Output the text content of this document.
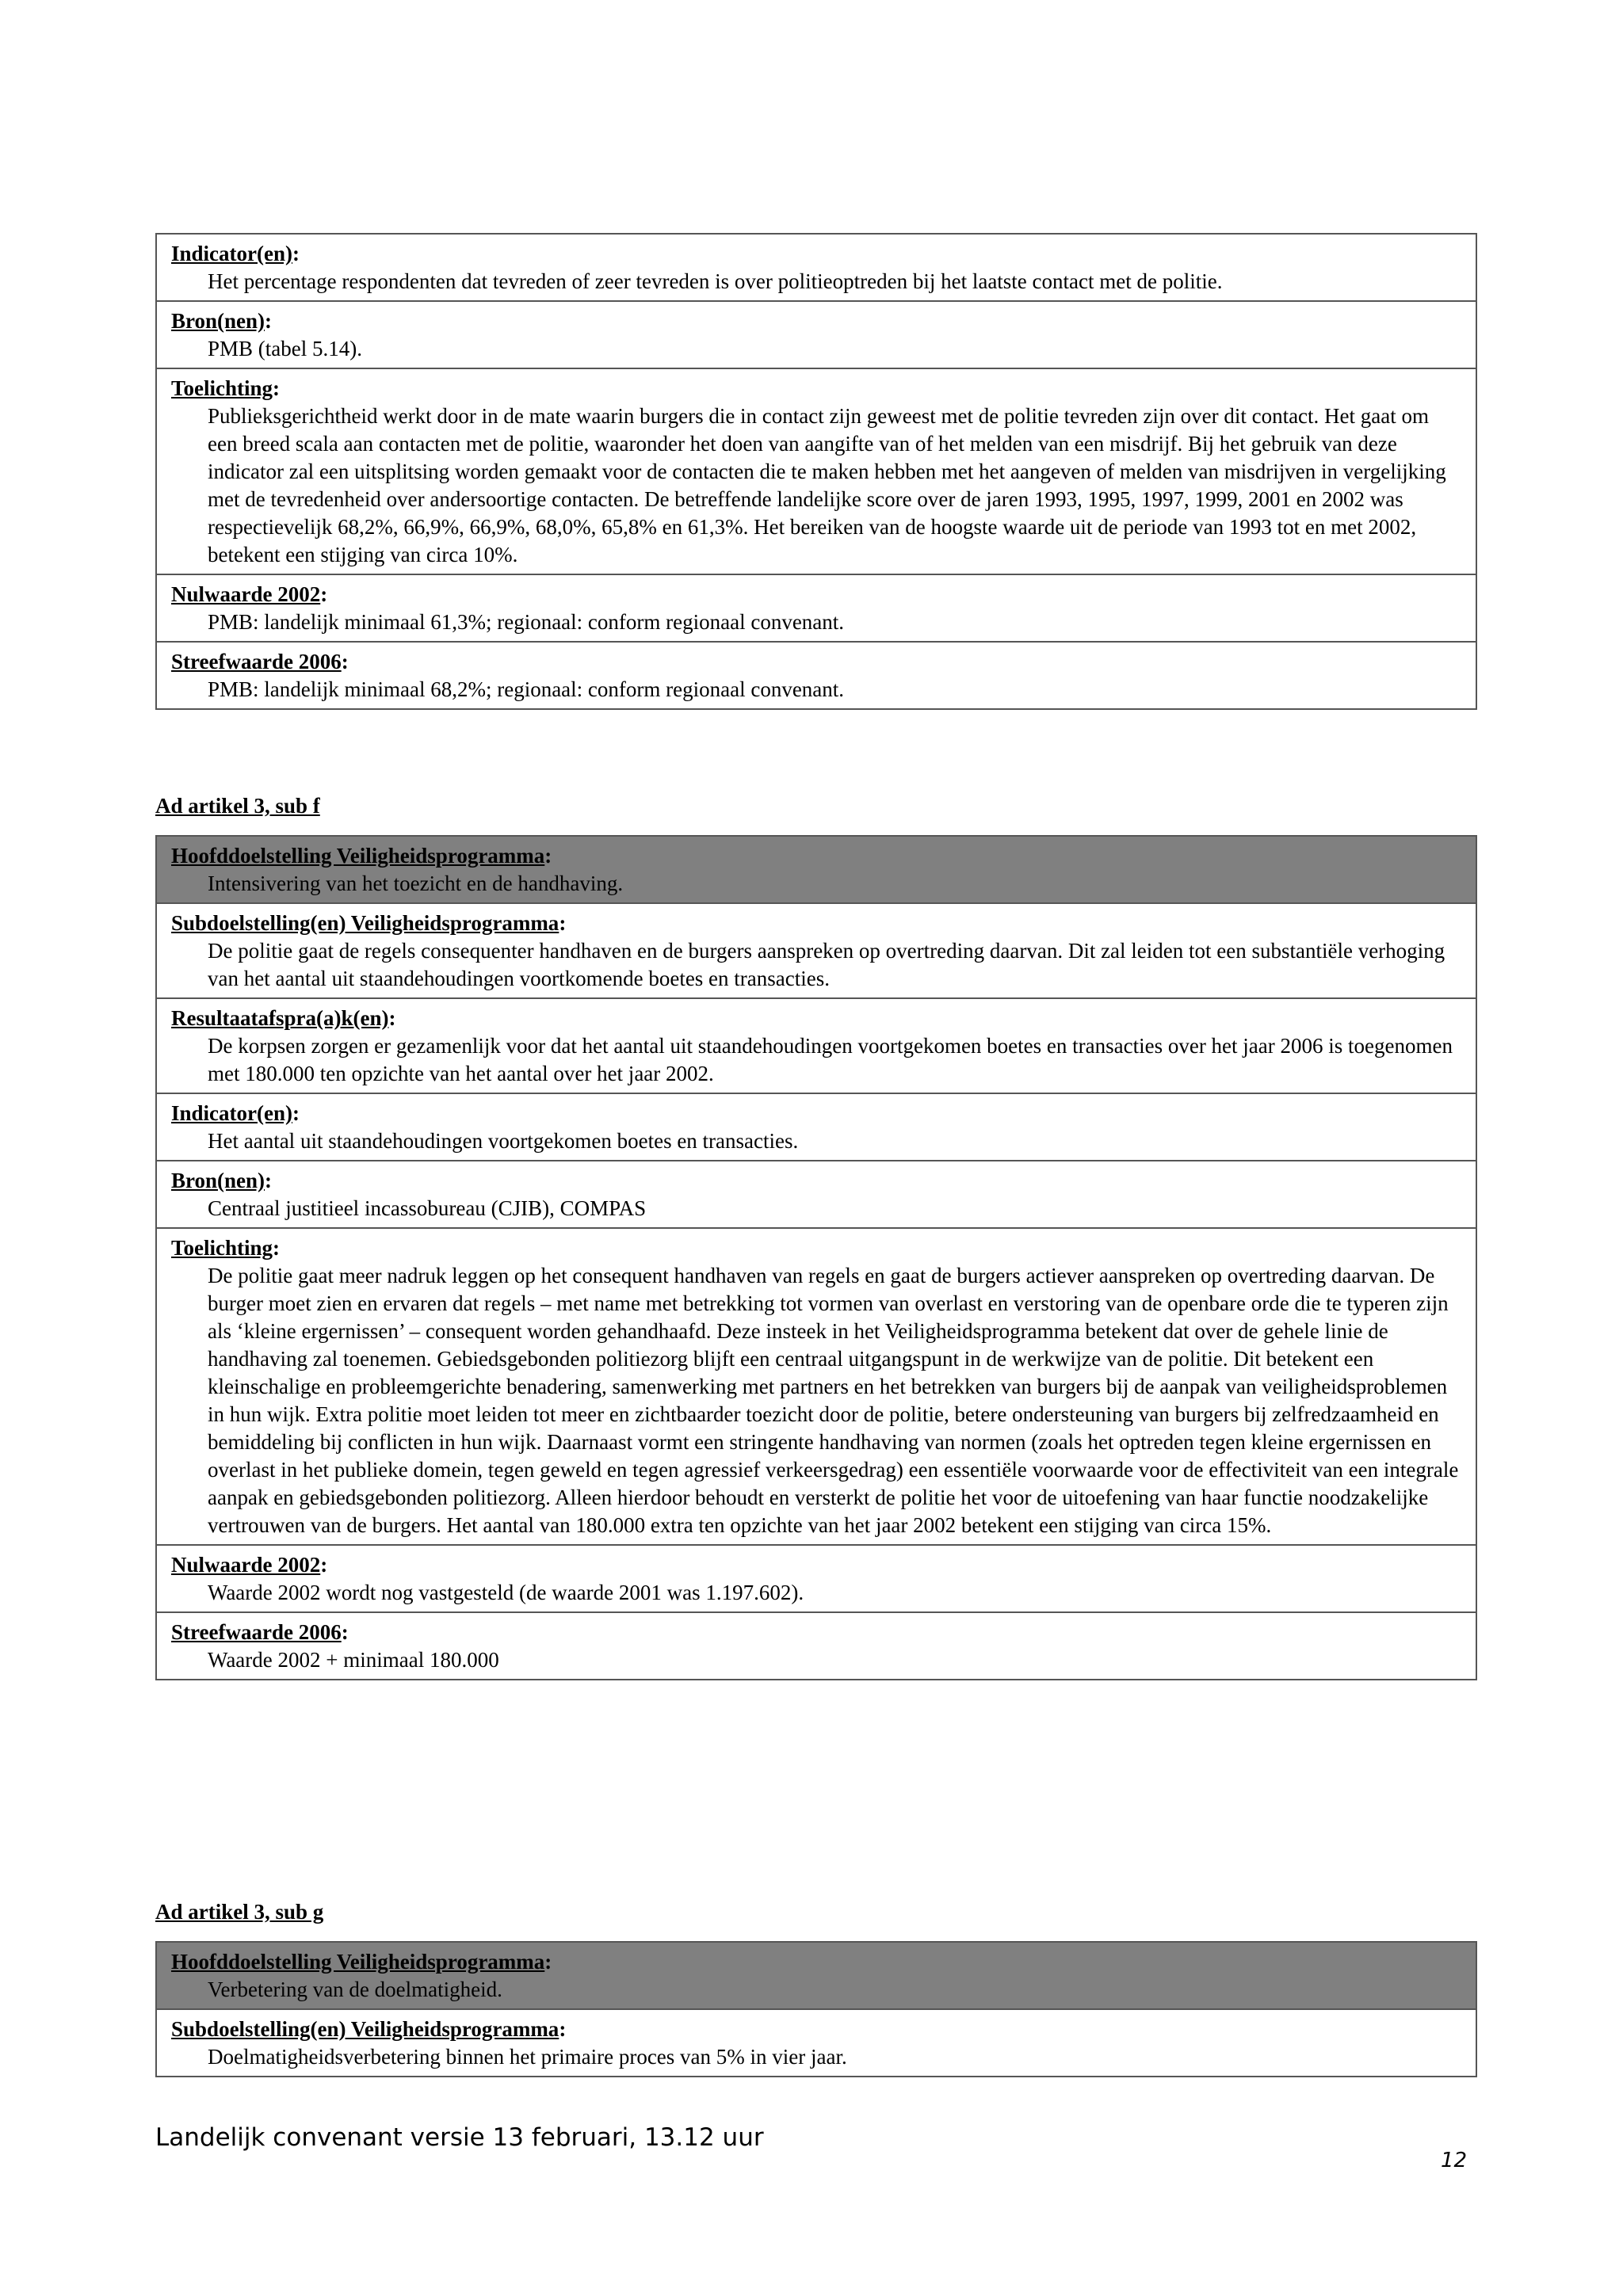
Indicator(en):
Het percentage respondenten dat tevreden of zeer tevreden is over politieoptreden bij het laatste contact met de politie.
Bron(nen):
PMB (tabel 5.14).
Toelichting:
Publieksgerichtheid werkt door in de mate waarin burgers die in contact zijn geweest met de politie tevreden zijn over dit contact. Het gaat om een breed scala aan contacten met de politie, waaronder het doen van aangifte van of het melden van een misdrijf. Bij het gebruik van deze indicator zal een uitsplitsing worden gemaakt voor de contacten die te maken hebben met het aangeven of melden van misdrijven in vergelijking met de tevredenheid over andersoortige contacten. De betreffende landelijke score over de jaren 1993, 1995, 1997, 1999, 2001 en 2002 was respectievelijk 68,2%, 66,9%, 66,9%, 68,0%, 65,8% en 61,3%. Het bereiken van de hoogste waarde uit de periode van 1993 tot en met 2002, betekent een stijging van circa 10%.
Nulwaarde 2002:
PMB: landelijk minimaal 61,3%; regionaal: conform regionaal convenant.
Streefwaarde 2006:
PMB: landelijk minimaal 68,2%; regionaal: conform regionaal convenant.
Ad artikel 3, sub f
Hoofddoelstelling Veiligheidsprogramma:
Intensivering van het toezicht en de handhaving.
Subdoelstelling(en) Veiligheidsprogramma:
De politie gaat de regels consequenter handhaven en de burgers aanspreken op overtreding daarvan. Dit zal leiden tot een substantiële verhoging van het aantal uit staandehoudingen voortkomende boetes en transacties.
Resultaatafspra(a)k(en):
De korpsen zorgen er gezamenlijk voor dat het aantal uit staandehoudingen voortgekomen boetes en transacties over het jaar 2006 is toegenomen met 180.000 ten opzichte van het aantal over het jaar 2002.
Indicator(en):
Het aantal uit staandehoudingen voortgekomen boetes en transacties.
Bron(nen):
Centraal justitieel incassobureau (CJIB), COMPAS
Toelichting:
De politie gaat meer nadruk leggen op het consequent handhaven van regels en gaat de burgers actiever aanspreken op overtreding daarvan. De burger moet zien en ervaren dat regels – met name met betrekking tot vormen van overlast en verstoring van de openbare orde die te typeren zijn als ‘kleine ergernissen’ – consequent worden gehandhaafd. Deze insteek in het Veiligheidsprogramma betekent dat over de gehele linie de handhaving zal toenemen. Gebiedsgebonden politiezorg blijft een centraal uitgangspunt in de werkwijze van de politie. Dit betekent een kleinschalige en probleemgerichte benadering, samenwerking met partners en het betrekken van burgers bij de aanpak van veiligheidsproblemen in hun wijk. Extra politie moet leiden tot meer en zichtbaarder toezicht door de politie, betere ondersteuning van burgers bij zelfredzaamheid en bemiddeling bij conflicten in hun wijk. Daarnaast vormt een stringente handhaving van normen (zoals het optreden tegen kleine ergernissen en overlast in het publieke domein, tegen geweld en tegen agressief verkeersgedrag) een essentiële voorwaarde voor de effectiviteit van een integrale aanpak en gebiedsgebonden politiezorg. Alleen hierdoor behoudt en versterkt de politie het voor de uitoefening van haar functie noodzakelijke vertrouwen van de burgers. Het aantal van 180.000 extra ten opzichte van het jaar 2002 betekent een stijging van circa 15%.
Nulwaarde 2002:
Waarde 2002 wordt nog vastgesteld (de waarde 2001 was 1.197.602).
Streefwaarde 2006:
Waarde 2002 + minimaal 180.000
Ad artikel 3, sub g
Hoofddoelstelling Veiligheidsprogramma:
Verbetering van de doelmatigheid.
Subdoelstelling(en) Veiligheidsprogramma:
Doelmatigheidsverbetering binnen het primaire proces van 5% in vier jaar.
Landelijk convenant versie 13 februari, 13.12 uur
12
